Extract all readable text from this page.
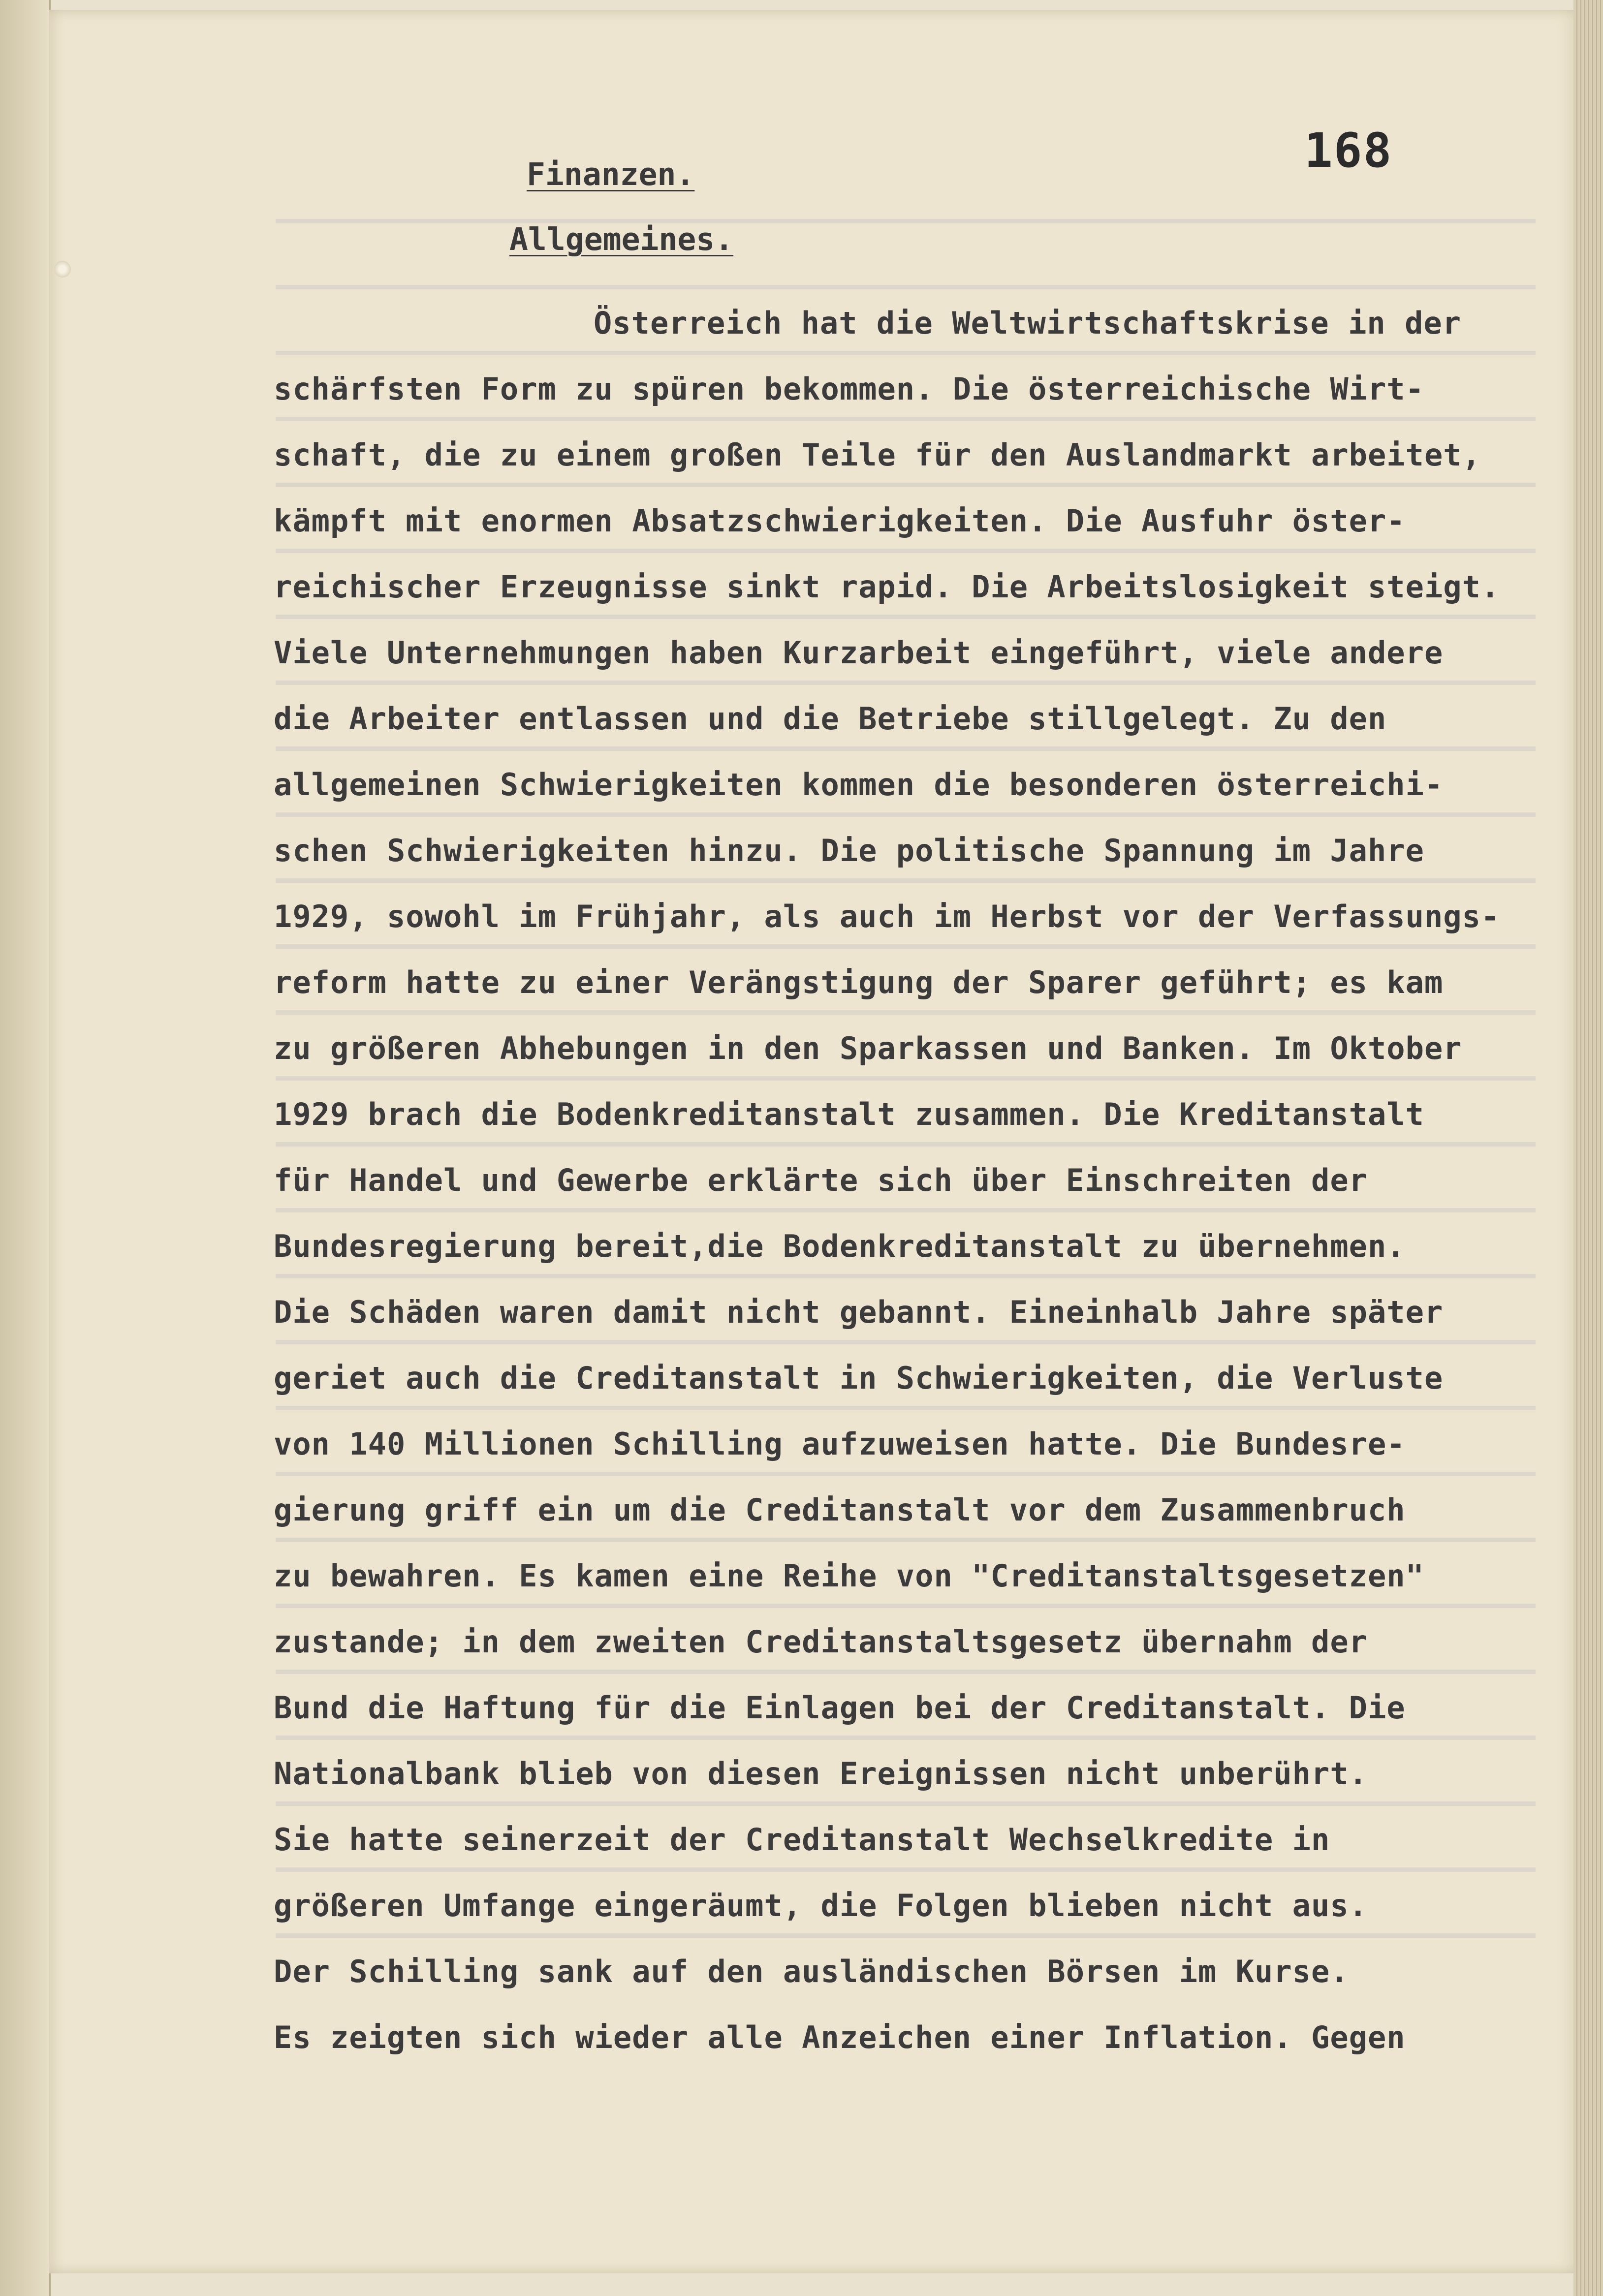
168
Finanzen.
Allgemeines.
Österreich hat die Weltwirtschaftskrise in der
schärfsten Form zu spüren bekommen. Die österreichische Wirt-
schaft, die zu einem großen Teile für den Auslandmarkt arbeitet,
kämpft mit enormen Absatzschwierigkeiten. Die Ausfuhr öster-
reichischer Erzeugnisse sinkt rapid. Die Arbeitslosigkeit steigt.
Viele Unternehmungen haben Kurzarbeit eingeführt, viele andere
die Arbeiter entlassen und die Betriebe stillgelegt. Zu den
allgemeinen Schwierigkeiten kommen die besonderen österreichi-
schen Schwierigkeiten hinzu. Die politische Spannung im Jahre
1929, sowohl im Frühjahr, als auch im Herbst vor der Verfassungs-
reform hatte zu einer Verängstigung der Sparer geführt; es kam
zu größeren Abhebungen in den Sparkassen und Banken. Im Oktober
1929 brach die Bodenkreditanstalt zusammen. Die Kreditanstalt
für Handel und Gewerbe erklärte sich über Einschreiten der
Bundesregierung bereit,die Bodenkreditanstalt zu übernehmen.
Die Schäden waren damit nicht gebannt. Eineinhalb Jahre später
geriet auch die Creditanstalt in Schwierigkeiten, die Verluste
von 140 Millionen Schilling aufzuweisen hatte. Die Bundesre-
gierung griff ein um die Creditanstalt vor dem Zusammenbruch
zu bewahren. Es kamen eine Reihe von "Creditanstaltsgesetzen"
zustande; in dem zweiten Creditanstaltsgesetz übernahm der
Bund die Haftung für die Einlagen bei der Creditanstalt. Die
Nationalbank blieb von diesen Ereignissen nicht unberührt.
Sie hatte seinerzeit der Creditanstalt Wechselkredite in
größeren Umfange eingeräumt, die Folgen blieben nicht aus.
Der Schilling sank auf den ausländischen Börsen im Kurse.
Es zeigten sich wieder alle Anzeichen einer Inflation. Gegen
